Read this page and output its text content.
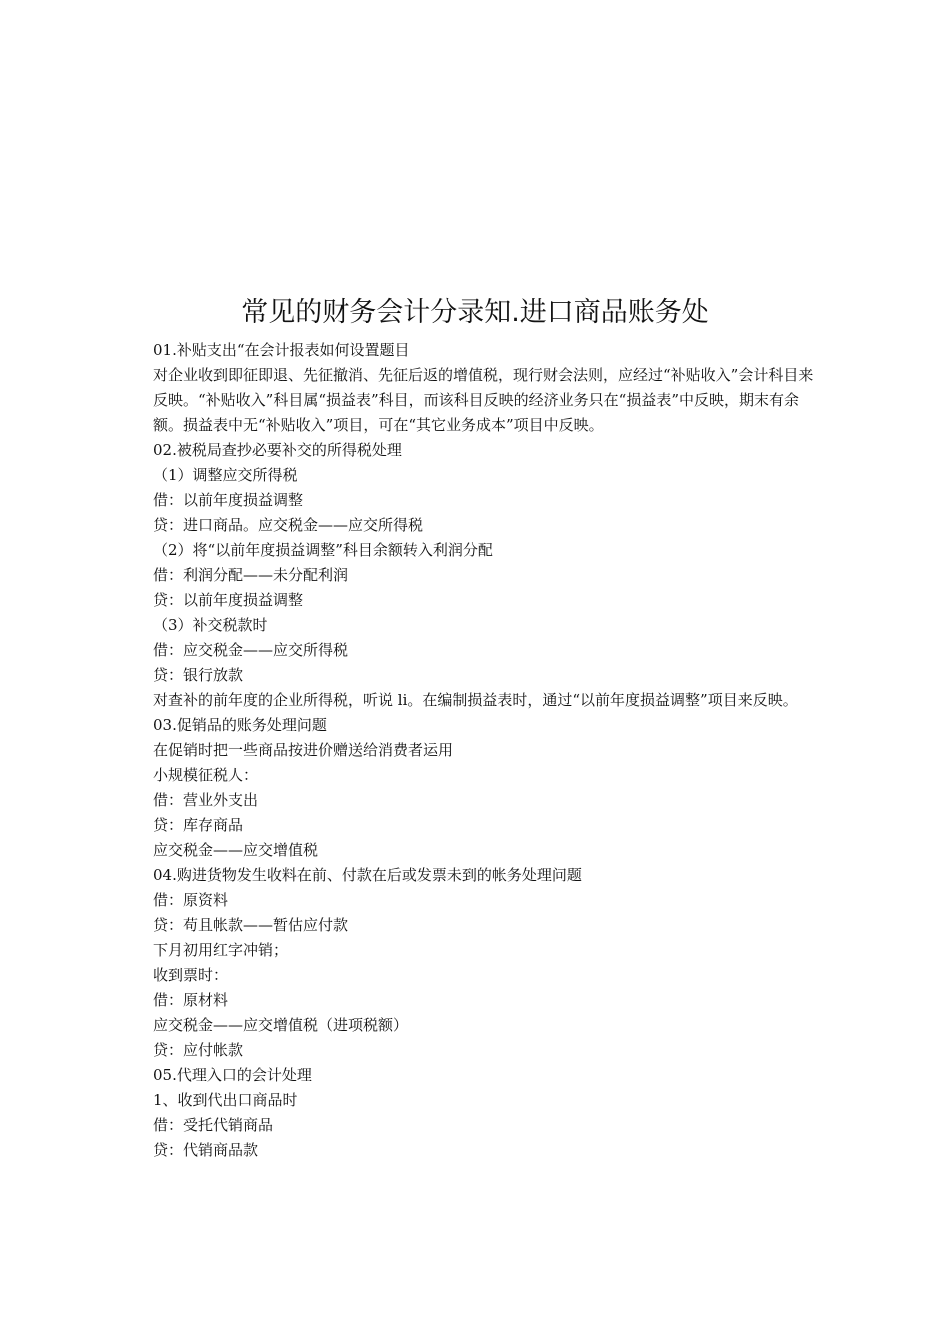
常见的财务会计分录知.进口商品账务处

01.补贴支出“在会计报表如何设置题目

对企业收到即征即退、先征撤消、先征后返的增值税，现行财会法则，应经过“补贴收入”会计科目来反映。“补贴收入”科目属“损益表”科目，而该科目反映的经济业务只在“损益表”中反映，期末有余额。损益表中无“补贴收入”项目，可在“其它业务成本”项目中反映。

02.被税局查抄必要补交的所得税处理

（1）调整应交所得税

借：以前年度损益调整

贷：进口商品。应交税金——应交所得税

（2）将“以前年度损益调整”科目余额转入利润分配

借：利润分配——未分配利润

贷：以前年度损益调整

（3）补交税款时

借：应交税金——应交所得税

贷：银行放款

对查补的前年度的企业所得税，听说 li。在编制损益表时，通过“以前年度损益调整”项目来反映。

03.促销品的账务处理问题

在促销时把一些商品按进价赠送给消费者运用

小规模征税人：

借：营业外支出

贷：库存商品

应交税金——应交增值税

04.购进货物发生收料在前、付款在后或发票未到的帐务处理问题

借：原资料

贷：苟且帐款——暂估应付款

下月初用红字冲销；

收到票时：

借：原材料

应交税金——应交增值税（进项税额）

贷：应付帐款

05.代理入口的会计处理

1、收到代出口商品时

借：受托代销商品

贷：代销商品款
